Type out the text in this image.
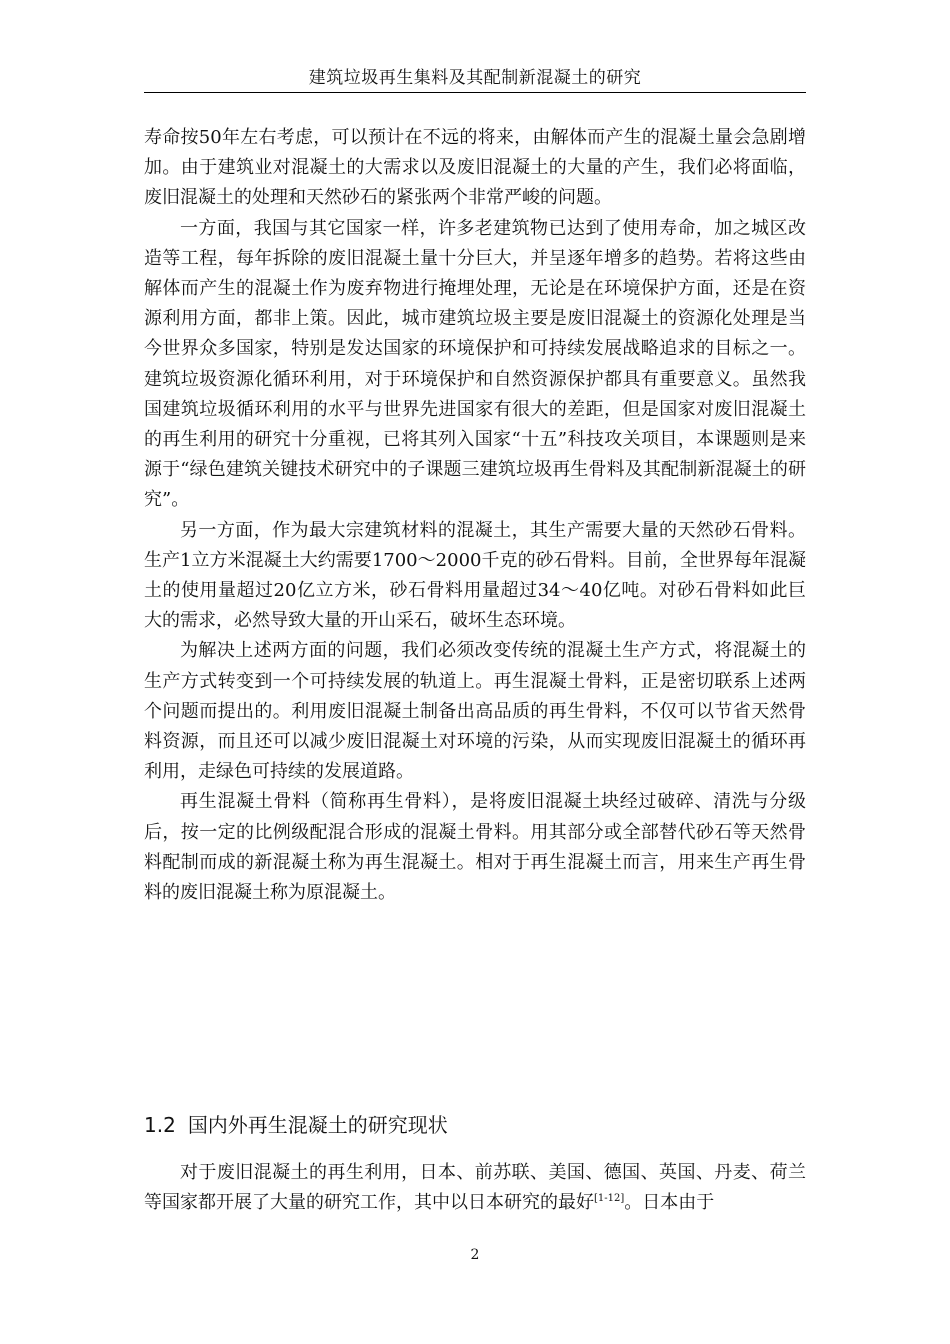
建筑垃圾再生集料及其配制新混凝土的研究

寿命按50年左右考虑，可以预计在不远的将来，由解体而产生的混凝土量会急剧增加。由于建筑业对混凝土的大需求以及废旧混凝土的大量的产生，我们必将面临，废旧混凝土的处理和天然砂石的紧张两个非常严峻的问题。

一方面，我国与其它国家一样，许多老建筑物已达到了使用寿命，加之城区改造等工程，每年拆除的废旧混凝土量十分巨大，并呈逐年增多的趋势。若将这些由解体而产生的混凝土作为废弃物进行掩埋处理，无论是在环境保护方面，还是在资源利用方面，都非上策。因此，城市建筑垃圾主要是废旧混凝土的资源化处理是当今世界众多国家，特别是发达国家的环境保护和可持续发展战略追求的目标之一。建筑垃圾资源化循环利用，对于环境保护和自然资源保护都具有重要意义。虽然我国建筑垃圾循环利用的水平与世界先进国家有很大的差距，但是国家对废旧混凝土的再生利用的研究十分重视，已将其列入国家“十五”科技攻关项目，本课题则是来源于“绿色建筑关键技术研究中的子课题三建筑垃圾再生骨料及其配制新混凝土的研究”。

另一方面，作为最大宗建筑材料的混凝土，其生产需要大量的天然砂石骨料。生产1立方米混凝土大约需要1700～2000千克的砂石骨料。目前，全世界每年混凝土的使用量超过20亿立方米，砂石骨料用量超过34～40亿吨。对砂石骨料如此巨大的需求，必然导致大量的开山采石，破坏生态环境。

为解决上述两方面的问题，我们必须改变传统的混凝土生产方式，将混凝土的生产方式转变到一个可持续发展的轨道上。再生混凝土骨料，正是密切联系上述两个问题而提出的。利用废旧混凝土制备出高品质的再生骨料，不仅可以节省天然骨料资源，而且还可以减少废旧混凝土对环境的污染，从而实现废旧混凝土的循环再利用，走绿色可持续的发展道路。

再生混凝土骨料（简称再生骨料），是将废旧混凝土块经过破碎、清洗与分级后，按一定的比例级配混合形成的混凝土骨料。用其部分或全部替代砂石等天然骨料配制而成的新混凝土称为再生混凝土。相对于再生混凝土而言，用来生产再生骨料的废旧混凝土称为原混凝土。

1.2 国内外再生混凝土的研究现状

对于废旧混凝土的再生利用，日本、前苏联、美国、德国、英国、丹麦、荷兰等国家都开展了大量的研究工作，其中以日本研究的最好[1-12]。日本由于

2
